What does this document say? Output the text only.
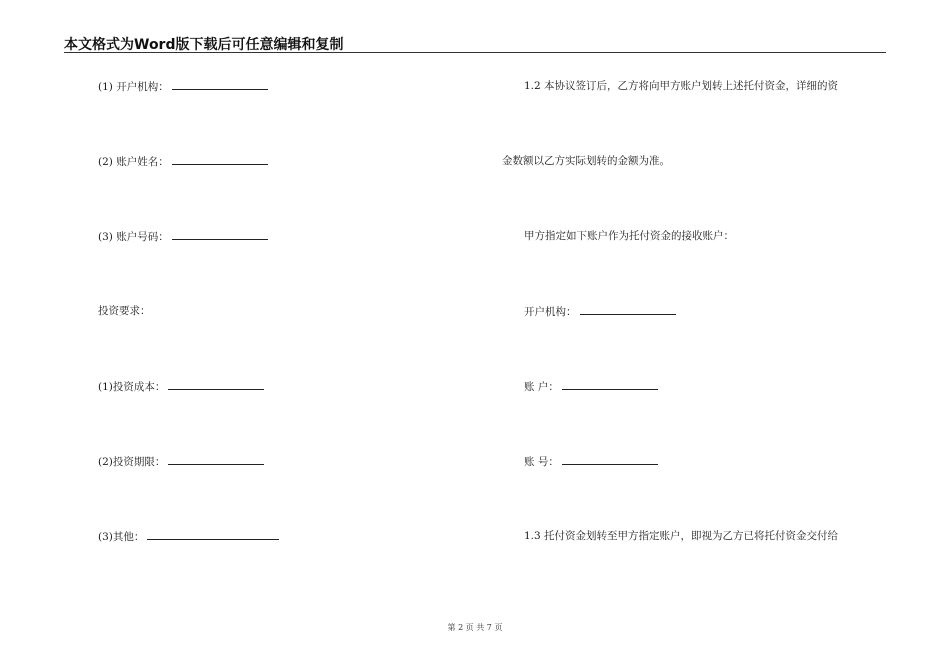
本文格式为Word版下载后可任意编辑和复制
(1) 开户机构：
(2) 账户姓名：
(3) 账户号码：
投资要求：
(1)投资成本：
(2)投资期限：
(3)其他：
1.2 本协议签订后，乙方将向甲方账户划转上述托付资金，详细的资
金数额以乙方实际划转的金额为准。
甲方指定如下账户作为托付资金的接收账户：
开户机构：
账 户：
账 号：
1.3 托付资金划转至甲方指定账户，即视为乙方已将托付资金交付给
第 2 页 共 7 页
